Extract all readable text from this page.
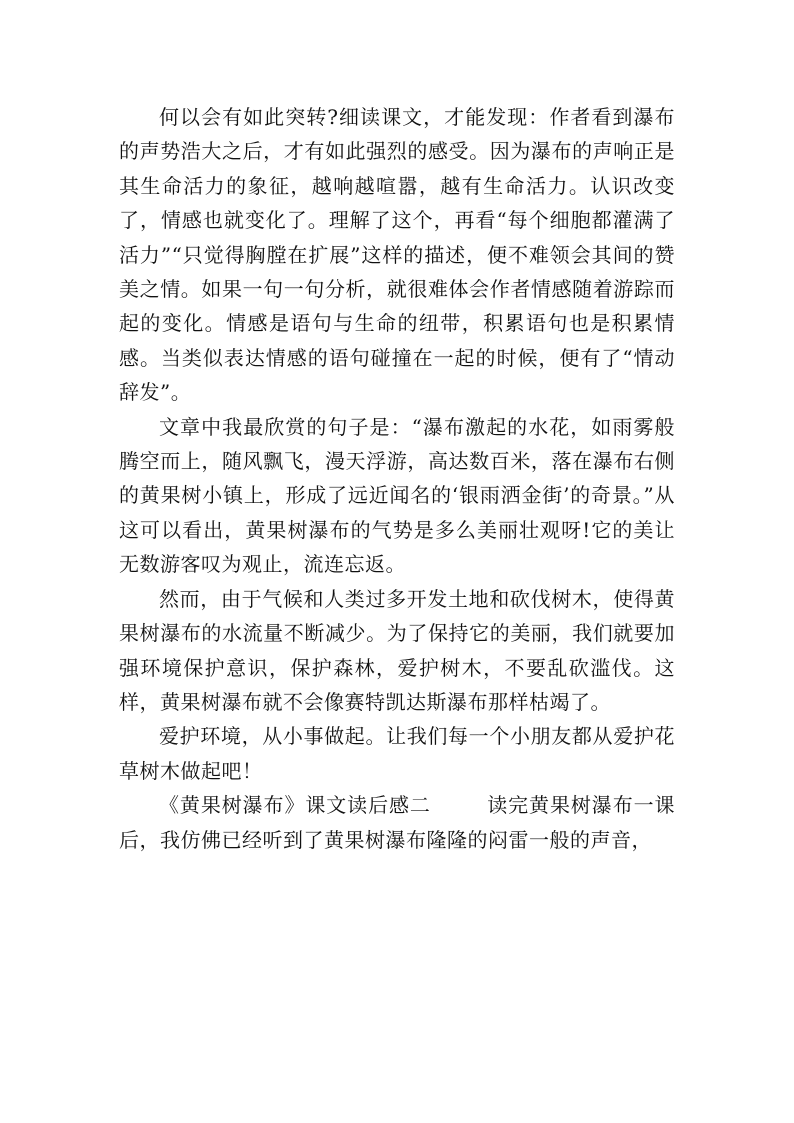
何以会有如此突转?细读课文，才能发现：作者看到瀑布的声势浩大之后，才有如此强烈的感受。因为瀑布的声响正是其生命活力的象征，越响越喧嚣，越有生命活力。认识改变了，情感也就变化了。理解了这个，再看“每个细胞都灌满了活力”“只觉得胸膛在扩展”这样的描述，便不难领会其间的赞美之情。如果一句一句分析，就很难体会作者情感随着游踪而起的变化。情感是语句与生命的纽带，积累语句也是积累情感。当类似表达情感的语句碰撞在一起的时候，便有了“情动辞发”。

文章中我最欣赏的句子是：“瀑布激起的水花，如雨雾般腾空而上，随风飘飞，漫天浮游，高达数百米，落在瀑布右侧的黄果树小镇上，形成了远近闻名的‘银雨洒金街’的奇景。”从这可以看出，黄果树瀑布的气势是多么美丽壮观呀!它的美让无数游客叹为观止，流连忘返。

然而，由于气候和人类过多开发土地和砍伐树木，使得黄果树瀑布的水流量不断减少。为了保持它的美丽，我们就要加强环境保护意识，保护森林，爱护树木，不要乱砍滥伐。这样，黄果树瀑布就不会像赛特凯达斯瀑布那样枯竭了。

爱护环境，从小事做起。让我们每一个小朋友都从爱护花草树木做起吧！

《黄果树瀑布》课文读后感二	读完黄果树瀑布一课后，我仿佛已经听到了黄果树瀑布隆隆的闷雷一般的声音，
